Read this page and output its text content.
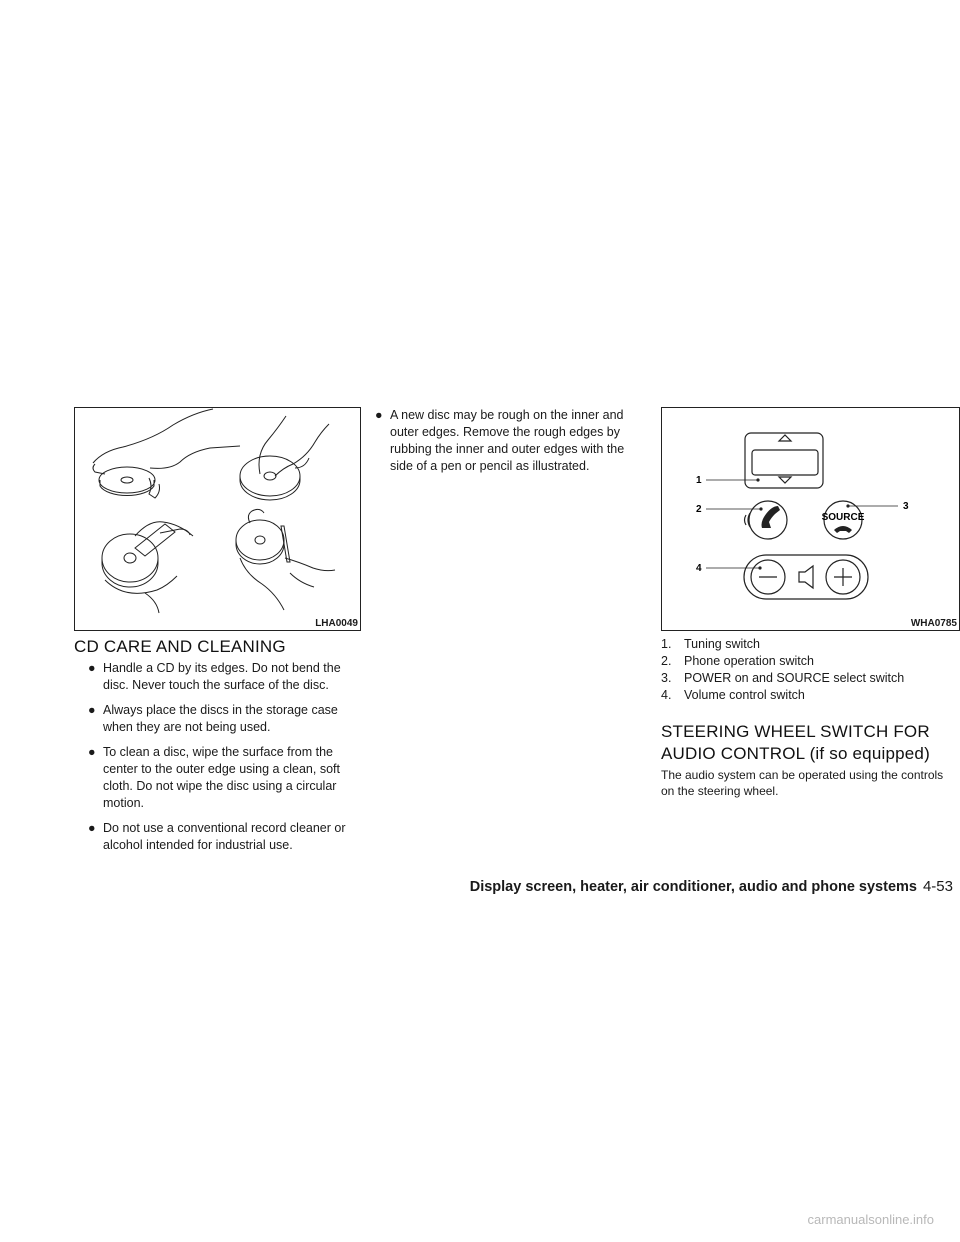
LHA0049
1
2	3
4
SOURCE
WHA0785
CD CARE AND CLEANING
● Handle a CD by its edges. Do not bend the disc. Never touch the surface of the disc.
● Always place the discs in the storage case when they are not being used.
● To clean a disc, wipe the surface from the center to the outer edge using a clean, soft cloth. Do not wipe the disc using a circular motion.
● Do not use a conventional record cleaner or alcohol intended for industrial use.
● A new disc may be rough on the inner and outer edges. Remove the rough edges by rubbing the inner and outer edges with the side of a pen or pencil as illustrated.
1.	Tuning switch
2.	Phone operation switch
3.	POWER on and SOURCE select switch
4.	Volume control switch
STEERING WHEEL SWITCH FOR AUDIO CONTROL (if so equipped)

The audio system can be operated using the controls on the steering wheel.

Display screen, heater, air conditioner, audio and phone systems 4-53
carmanualsonline.info
